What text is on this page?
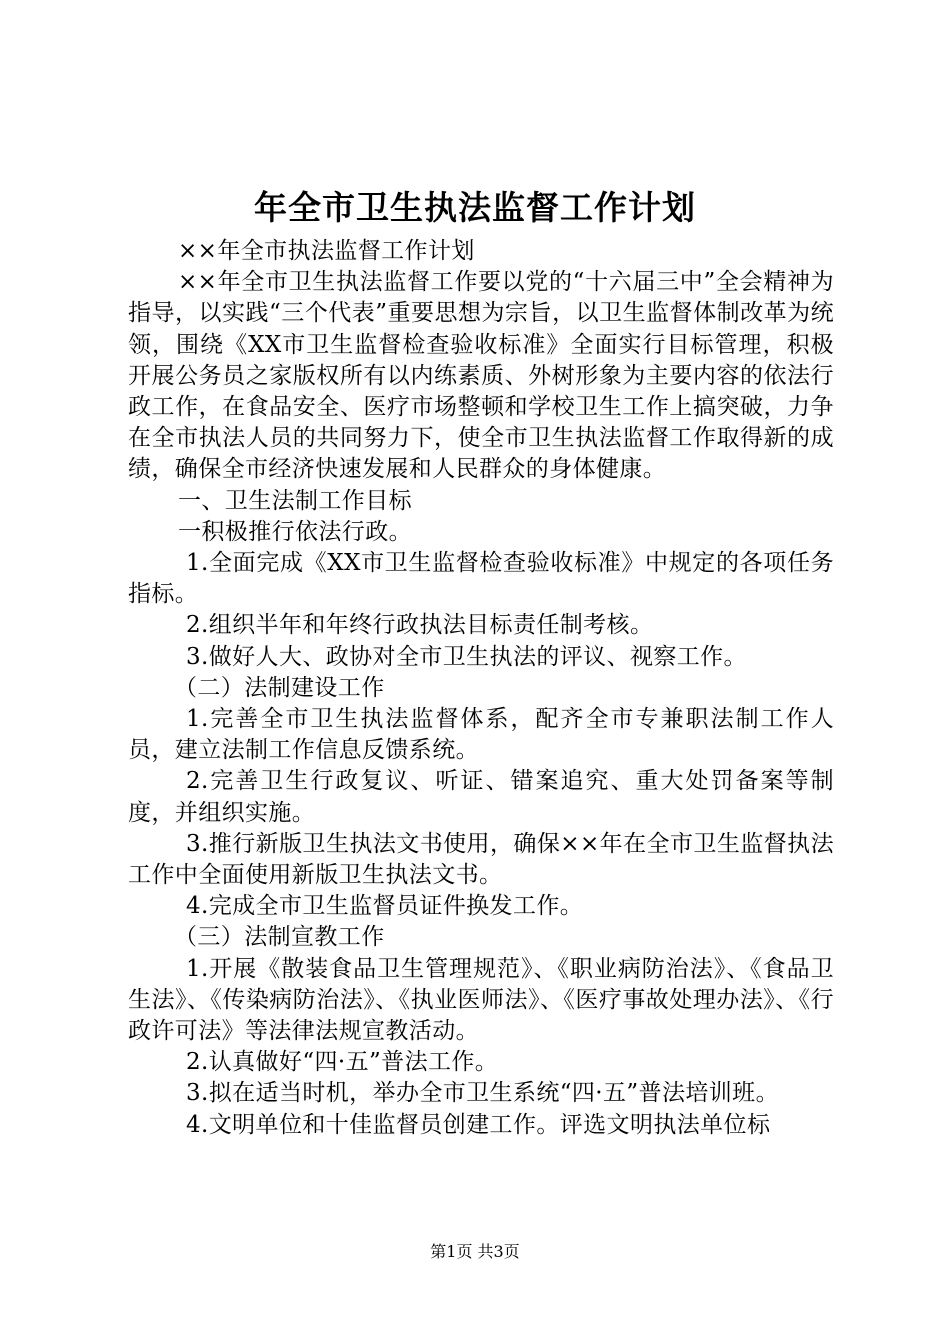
年全市卫生执法监督工作计划

××年全市执法监督工作计划

××年全市卫生执法监督工作要以党的“十六届三中”全会精神为指导，以实践“三个代表”重要思想为宗旨，以卫生监督体制改革为统领，围绕《XX市卫生监督检查验收标准》全面实行目标管理，积极开展公务员之家版权所有以内练素质、外树形象为主要内容的依法行政工作，在食品安全、医疗市场整顿和学校卫生工作上搞突破，力争在全市执法人员的共同努力下，使全市卫生执法监督工作取得新的成绩，确保全市经济快速发展和人民群众的身体健康。

一、卫生法制工作目标

一积极推行依法行政。

1.全面完成《XX市卫生监督检查验收标准》中规定的各项任务指标。

2.组织半年和年终行政执法目标责任制考核。

3.做好人大、政协对全市卫生执法的评议、视察工作。

（二）法制建设工作

1.完善全市卫生执法监督体系，配齐全市专兼职法制工作人员，建立法制工作信息反馈系统。

2.完善卫生行政复议、听证、错案追究、重大处罚备案等制度，并组织实施。

3.推行新版卫生执法文书使用，确保××年在全市卫生监督执法工作中全面使用新版卫生执法文书。

4.完成全市卫生监督员证件换发工作。

（三）法制宣教工作

1.开展《散装食品卫生管理规范》、《职业病防治法》、《食品卫生法》、《传染病防治法》、《执业医师法》、《医疗事故处理办法》、《行政许可法》等法律法规宣教活动。

2.认真做好“四·五”普法工作。

3.拟在适当时机，举办全市卫生系统“四·五”普法培训班。

4.文明单位和十佳监督员创建工作。评选文明执法单位标

第1页 共3页
